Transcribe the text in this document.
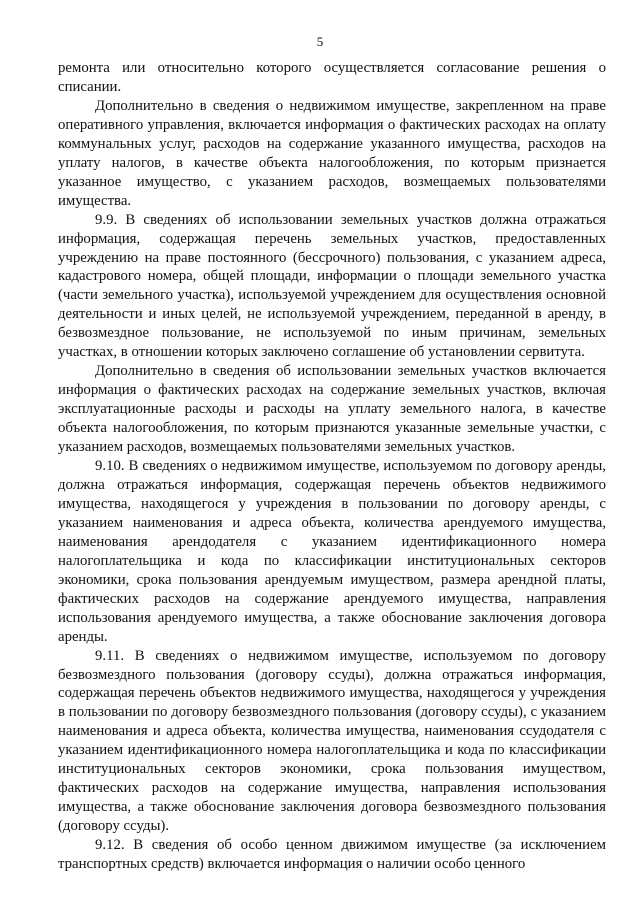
5

ремонта или относительно которого осуществляется согласование решения о списании.

Дополнительно в сведения о недвижимом имуществе, закрепленном на праве оперативного управления, включается информация о фактических расходах на оплату коммунальных услуг, расходов на содержание указанного имущества, расходов на уплату налогов, в качестве объекта налогообложения, по которым признается указанное имущество, с указанием расходов, возмещаемых пользователями имущества.

9.9. В сведениях об использовании земельных участков должна отражаться информация, содержащая перечень земельных участков, предоставленных учреждению на праве постоянного (бессрочного) пользования, с указанием адреса, кадастрового номера, общей площади, информации о площади земельного участка (части земельного участка), используемой учреждением для осуществления основной деятельности и иных целей, не используемой учреждением, переданной в аренду, в безвозмездное пользование, не используемой по иным причинам, земельных участках, в отношении которых заключено соглашение об установлении сервитута.

Дополнительно в сведения об использовании земельных участков включается информация о фактических расходах на содержание земельных участков, включая эксплуатационные расходы и расходы на уплату земельного налога, в качестве объекта налогообложения, по которым признаются указанные земельные участки, с указанием расходов, возмещаемых пользователями земельных участков.

9.10. В сведениях о недвижимом имуществе, используемом по договору аренды, должна отражаться информация, содержащая перечень объектов недвижимого имущества, находящегося у учреждения в пользовании по договору аренды, с указанием наименования и адреса объекта, количества арендуемого имущества, наименования арендодателя с указанием идентификационного номера налогоплательщика и кода по классификации институциональных секторов экономики, срока пользования арендуемым имуществом, размера арендной платы, фактических расходов на содержание арендуемого имущества, направления использования арендуемого имущества, а также обоснование заключения договора аренды.

9.11. В сведениях о недвижимом имуществе, используемом по договору безвозмездного пользования (договору ссуды), должна отражаться информация, содержащая перечень объектов недвижимого имущества, находящегося у учреждения в пользовании по договору безвозмездного пользования (договору ссуды), с указанием наименования и адреса объекта, количества имущества, наименования ссудодателя с указанием идентификационного номера налогоплательщика и кода по классификации институциональных секторов экономики, срока пользования имуществом, фактических расходов на содержание имущества, направления использования имущества, а также обоснование заключения договора безвозмездного пользования (договору ссуды).

9.12. В сведения об особо ценном движимом имуществе (за исключением транспортных средств) включается информация о наличии особо ценного
